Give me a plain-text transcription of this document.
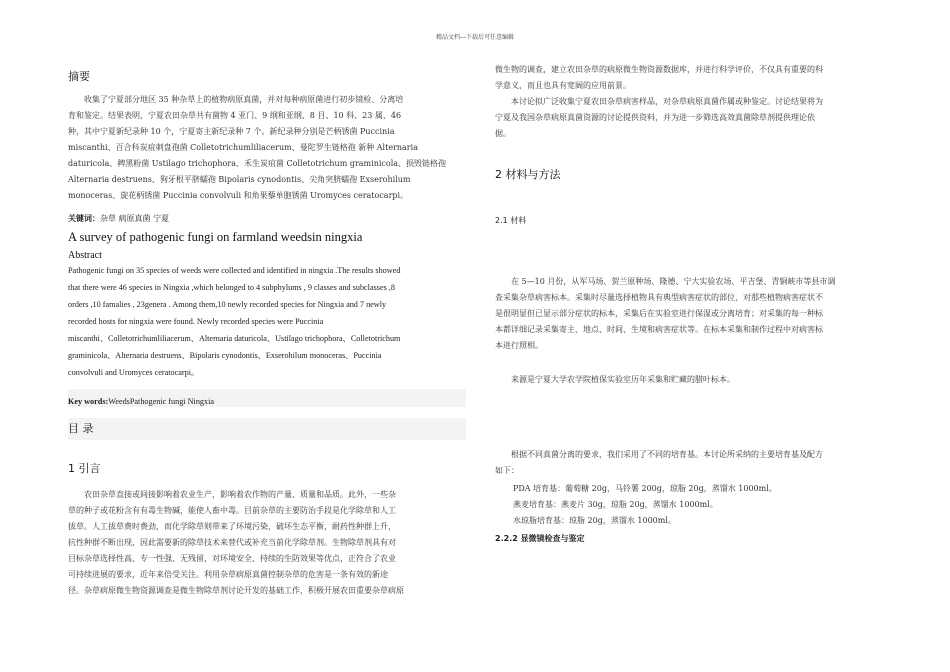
精品文档---下载后可任意编辑
摘要

收集了宁夏部分地区 35 种杂草上的植物病原真菌，并对每种病原菌进行初步镜检、分离培

育和鉴定。结果表明，宁夏农田杂草共有菌物 4 亚门、9 纲和亚纲、8 目、10 科、23 属、46

种，其中宁夏新纪录种 10 个，宁夏寄主新纪录种 7 个。新纪录种分别是芒柄锈菌 Puccinia

miscanthi、百合科炭疽刺盘孢菌 Colletotrichumliliacerum、曼陀罗生链格孢 新种 Alternaria

daturicola、稗黑粉菌 Ustilago trichophora、禾生炭疽菌 Colletotrichum graminicola、损毁链格孢

Alternaria destruens、狗牙根平脐蠕孢 Bipolaris cynodontis、尖角突脐蠕孢 Exserohilum

monoceras、旋花柄锈菌 Puccinia convolvuli 和角果藜单胞锈菌 Uromyces ceratocarpi。

关键词：杂草 病原真菌 宁夏
A survey of pathogenic fungi on farmland weedsin ningxia
Abstract

Pathogenic fungi on 35 species of weeds were collected and identified in ningxia .The results showed

that there were 46 species in Ningxia ,which belonged to 4 subphylums , 9 classes and subclasses ,8

orders ,10 famalies , 23genera . Among them,10 newly recorded species for Ningxia and 7 newly

recorded hosts for ningxia were found. Newly recorded species were Puccinia

miscanthi、Colletotrichumliliacerum、Alternaria daturicola、Ustilago trichophora、Colletotrichum

graminicola、Alternaria destruens、Bipolaris cynodontis、Exserohilum monoceras、Puccinia

convolvuli and Uromyces ceratocarpi。

Key words:WeedsPathogenic fungi Ningxia
目 录
1 引言

农田杂草直接或间接影响着农业生产，影响着农作物的产量、质量和品质。此外，一些杂

草的种子或花粉含有有毒生物碱，能使人畜中毒。目前杂草的主要防治手段是化学除草和人工

拔草。人工拔草费时费劲，而化学除草则带来了环境污染，破坏生态平衡，耐药性种群上升，

抗性种群不断出现，因此需要新的除草技术来替代或补充当前化学除草剂。生物除草剂具有对

目标杂草选择性高、专一性强、无残留，对环境安全、持续的生防效果等优点，正符合了农业

可持续进展的要求，近年来倍受关注。利用杂草病原真菌控制杂草的危害是一条有效的新途

径。杂草病原微生物资源调查是微生物除草剂讨论开发的基础工作，积极开展农田重要杂草病原

微生物的调查，建立农田杂草的病原微生物资源数据库，并进行科学评价，不仅具有重要的科

学意义，而且也具有宽阔的应用前景。

本讨论拟广泛收集宁夏农田杂草病害样品，对杂草病原真菌作属或种鉴定。讨论结果将为

宁夏及我国杂草病原真菌资源的讨论提供资料，并为进一步筛选高效真菌除草剂提供理论依

据。

2 材料与方法
2.1 材料

在 5—10 月份，从军马场、贺兰原种场、隆德、宁大实验农场、平吉堡、青铜峡市等县市调

查采集杂草病害标本。采集时尽量选择植物具有典型病害症状的部位，对那些植物病害症状不

是很明显但已显示部分症状的标本，采集后在实验室进行保湿或分离培育；对采集的每一种标

本都详细记录采集寄主、地点、时间、生境和病害症状等。在标本采集和制作过程中对病害标

本进行照相。

来源是宁夏大学农学院植保实验室历年采集和贮藏的腊叶标本。

根据不同真菌分离的要求，我们采用了不同的培育基。本讨论所采纳的主要培育基及配方

如下：

PDA 培育基：葡萄糖 20g，马铃薯 200g，琼脂 20g，蒸馏水 1000ml。

燕麦培育基：燕麦片 30g，琼脂 20g，蒸馏水 1000ml。

水琼脂培育基：琼脂 20g，蒸馏水 1000ml。

2.2.2 显微镜检查与鉴定
